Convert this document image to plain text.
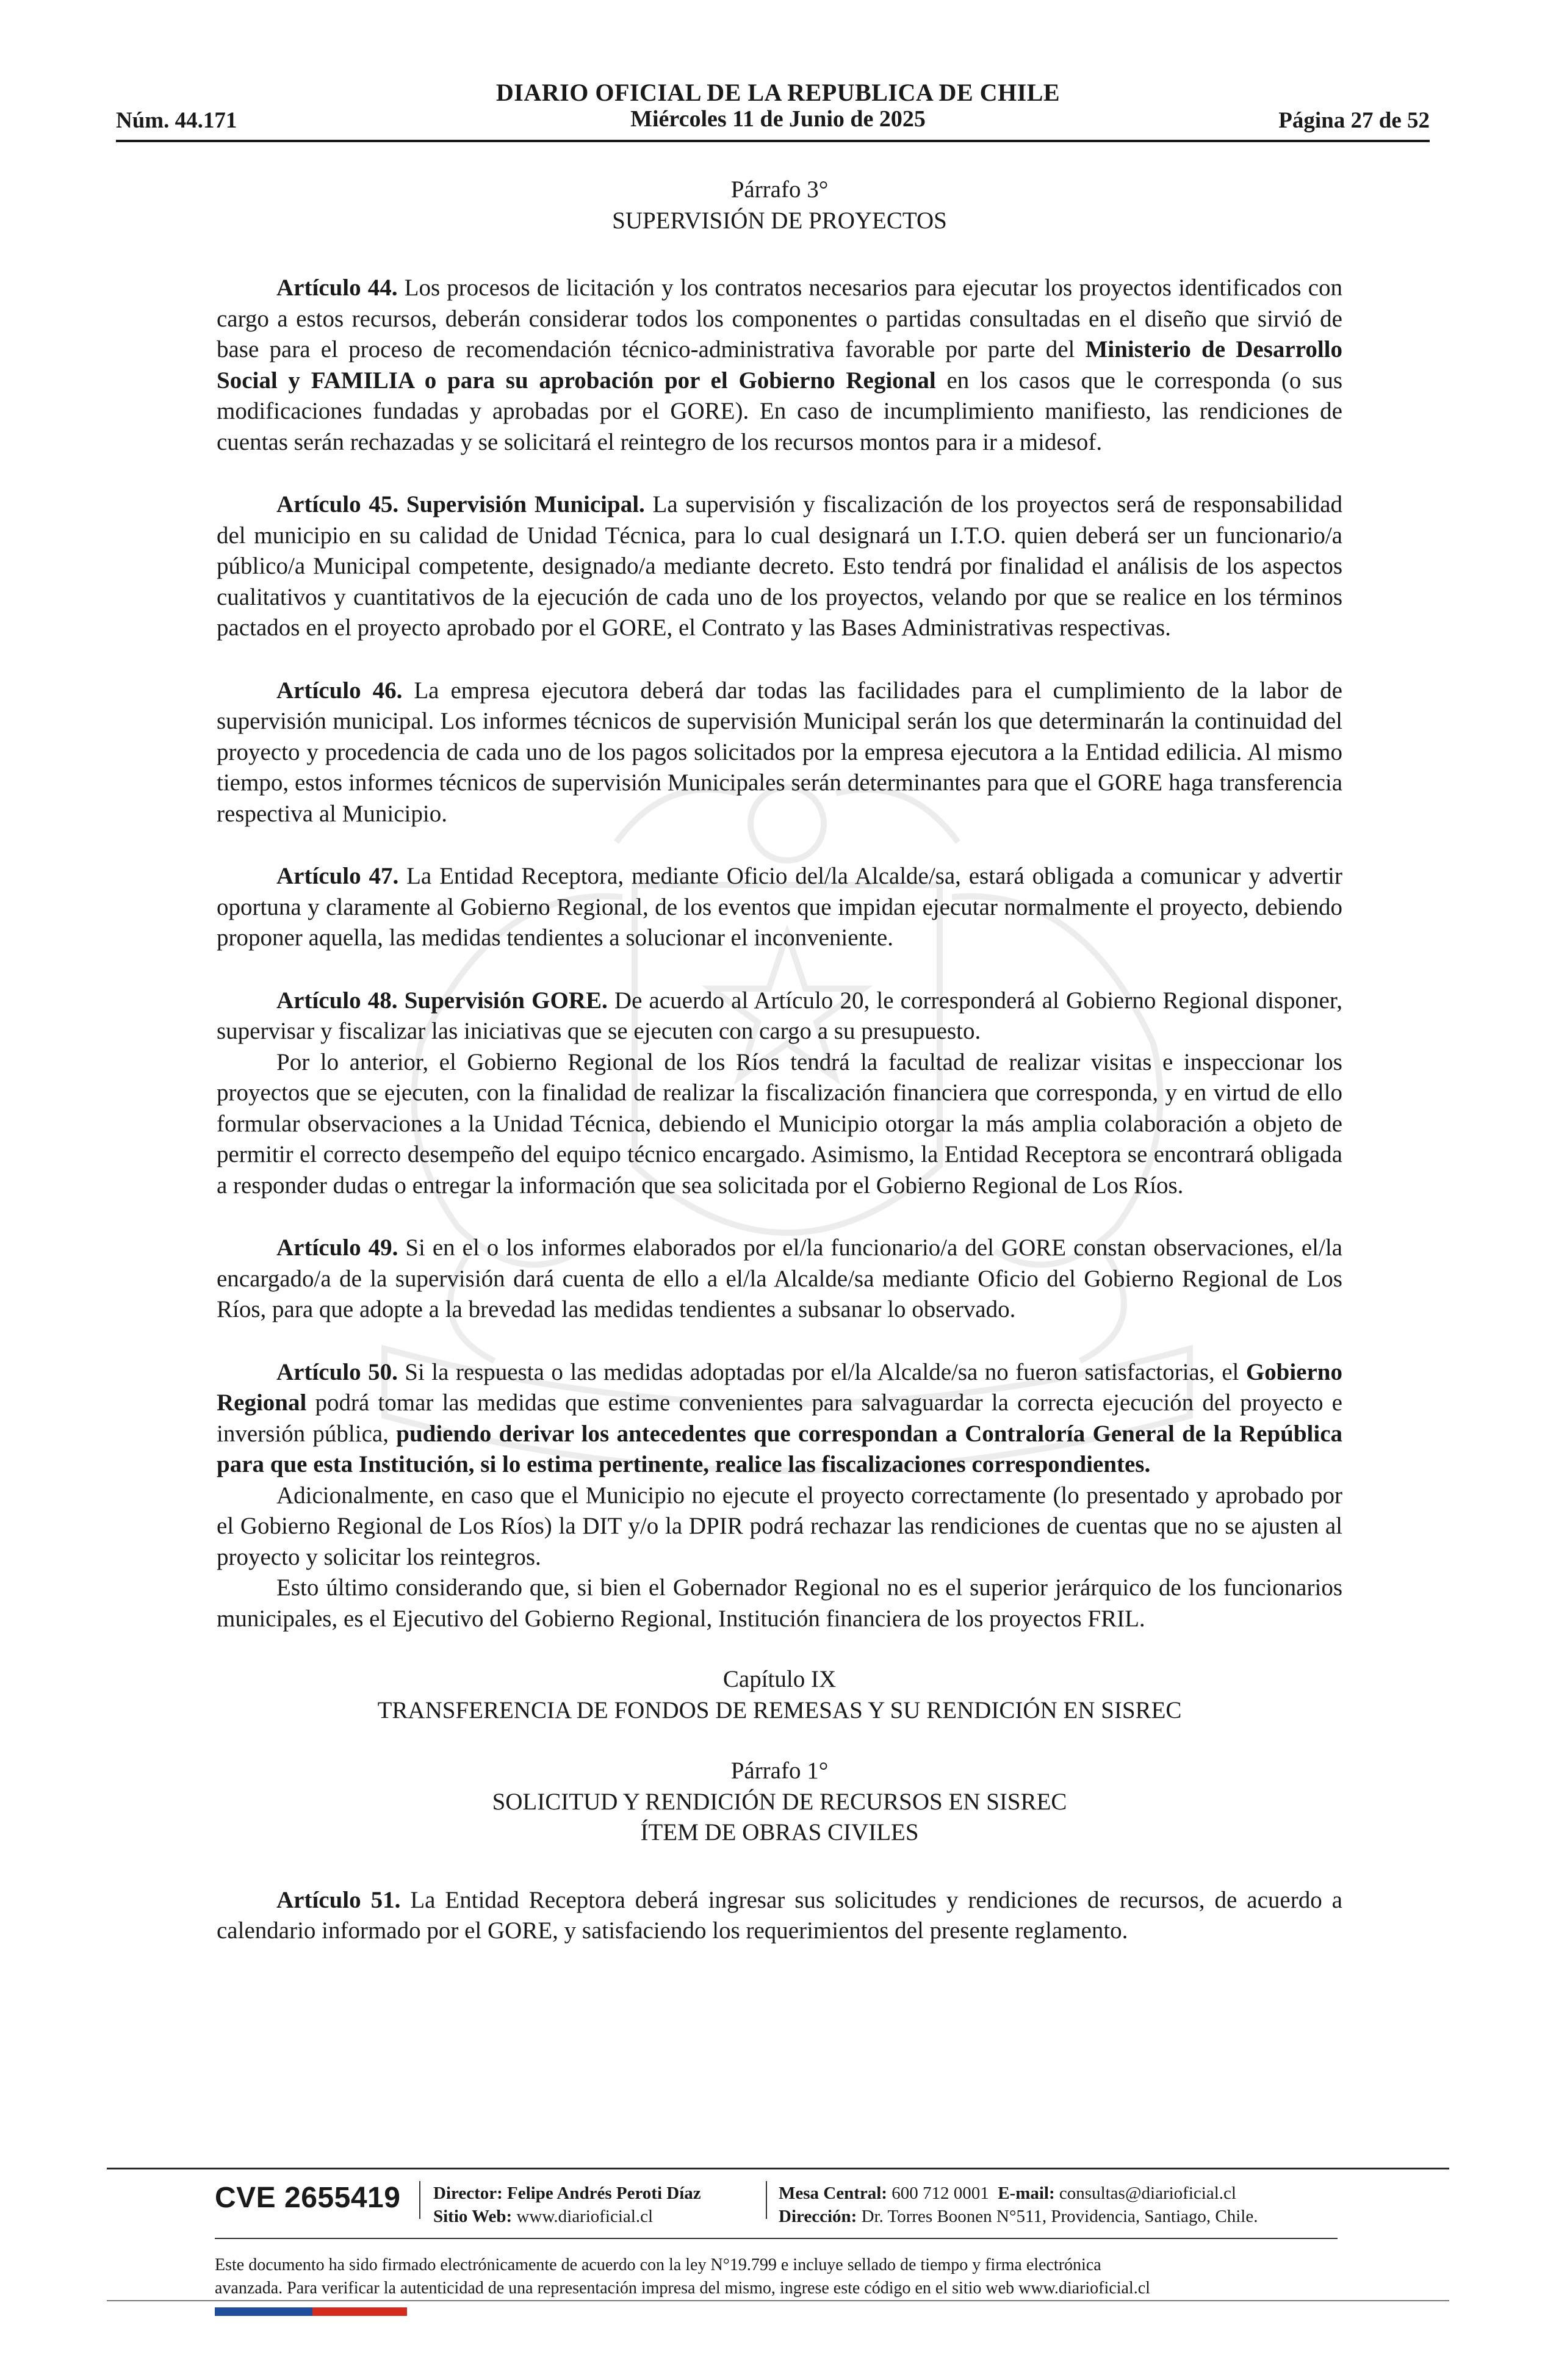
DIARIO OFICIAL DE LA REPUBLICA DE CHILE
Núm. 44.171	Miércoles 11 de Junio de 2025	Página 27 de 52
Párrafo 3°
SUPERVISIÓN DE PROYECTOS

Artículo 44. Los procesos de licitación y los contratos necesarios para ejecutar los proyectos identificados con cargo a estos recursos, deberán considerar todos los componentes o partidas consultadas en el diseño que sirvió de base para el proceso de recomendación técnico-administrativa favorable por parte del Ministerio de Desarrollo Social y FAMILIA o para su aprobación por el Gobierno Regional en los casos que le corresponda (o sus modificaciones fundadas y aprobadas por el GORE). En caso de incumplimiento manifiesto, las rendiciones de cuentas serán rechazadas y se solicitará el reintegro de los recursos montos para ir a midesof.

Artículo 45. Supervisión Municipal. La supervisión y fiscalización de los proyectos será de responsabilidad del municipio en su calidad de Unidad Técnica, para lo cual designará un I.T.O. quien deberá ser un funcionario/a público/a Municipal competente, designado/a mediante decreto. Esto tendrá por finalidad el análisis de los aspectos cualitativos y cuantitativos de la ejecución de cada uno de los proyectos, velando por que se realice en los términos pactados en el proyecto aprobado por el GORE, el Contrato y las Bases Administrativas respectivas.

Artículo 46. La empresa ejecutora deberá dar todas las facilidades para el cumplimiento de la labor de supervisión municipal. Los informes técnicos de supervisión Municipal serán los que determinarán la continuidad del proyecto y procedencia de cada uno de los pagos solicitados por la empresa ejecutora a la Entidad edilicia. Al mismo tiempo, estos informes técnicos de supervisión Municipales serán determinantes para que el GORE haga transferencia respectiva al Municipio.

Artículo 47. La Entidad Receptora, mediante Oficio del/la Alcalde/sa, estará obligada a comunicar y advertir oportuna y claramente al Gobierno Regional, de los eventos que impidan ejecutar normalmente el proyecto, debiendo proponer aquella, las medidas tendientes a solucionar el inconveniente.

Artículo 48. Supervisión GORE. De acuerdo al Artículo 20, le corresponderá al Gobierno Regional disponer, supervisar y fiscalizar las iniciativas que se ejecuten con cargo a su presupuesto.

Por lo anterior, el Gobierno Regional de los Ríos tendrá la facultad de realizar visitas e inspeccionar los proyectos que se ejecuten, con la finalidad de realizar la fiscalización financiera que corresponda, y en virtud de ello formular observaciones a la Unidad Técnica, debiendo el Municipio otorgar la más amplia colaboración a objeto de permitir el correcto desempeño del equipo técnico encargado. Asimismo, la Entidad Receptora se encontrará obligada a responder dudas o entregar la información que sea solicitada por el Gobierno Regional de Los Ríos.

Artículo 49. Si en el o los informes elaborados por el/la funcionario/a del GORE constan observaciones, el/la encargado/a de la supervisión dará cuenta de ello a el/la Alcalde/sa mediante Oficio del Gobierno Regional de Los Ríos, para que adopte a la brevedad las medidas tendientes a subsanar lo observado.

Artículo 50. Si la respuesta o las medidas adoptadas por el/la Alcalde/sa no fueron satisfactorias, el Gobierno Regional podrá tomar las medidas que estime convenientes para salvaguardar la correcta ejecución del proyecto e inversión pública, pudiendo derivar los antecedentes que correspondan a Contraloría General de la República para que esta Institución, si lo estima pertinente, realice las fiscalizaciones correspondientes.

Adicionalmente, en caso que el Municipio no ejecute el proyecto correctamente (lo presentado y aprobado por el Gobierno Regional de Los Ríos) la DIT y/o la DPIR podrá rechazar las rendiciones de cuentas que no se ajusten al proyecto y solicitar los reintegros.

Esto último considerando que, si bien el Gobernador Regional no es el superior jerárquico de los funcionarios municipales, es el Ejecutivo del Gobierno Regional, Institución financiera de los proyectos FRIL.

Capítulo IX
TRANSFERENCIA DE FONDOS DE REMESAS Y SU RENDICIÓN EN SISREC
Párrafo 1°
SOLICITUD Y RENDICIÓN DE RECURSOS EN SISREC
ÍTEM DE OBRAS CIVILES

Artículo 51. La Entidad Receptora deberá ingresar sus solicitudes y rendiciones de recursos, de acuerdo a calendario informado por el GORE, y satisfaciendo los requerimientos del presente reglamento.

CVE 2655419 Director: Felipe Andrés Peroti Díaz
Sitio Web: www.diarioficial.cl
Mesa Central: 600 712 0001 E-mail: consultas@diarioficial.cl
Dirección: Dr. Torres Boonen N°511, Providencia, Santiago, Chile.
Este documento ha sido firmado electrónicamente de acuerdo con la ley N°19.799 e incluye sellado de tiempo y firma electrónica
avanzada. Para verificar la autenticidad de una representación impresa del mismo, ingrese este código en el sitio web www.diarioficial.cl
